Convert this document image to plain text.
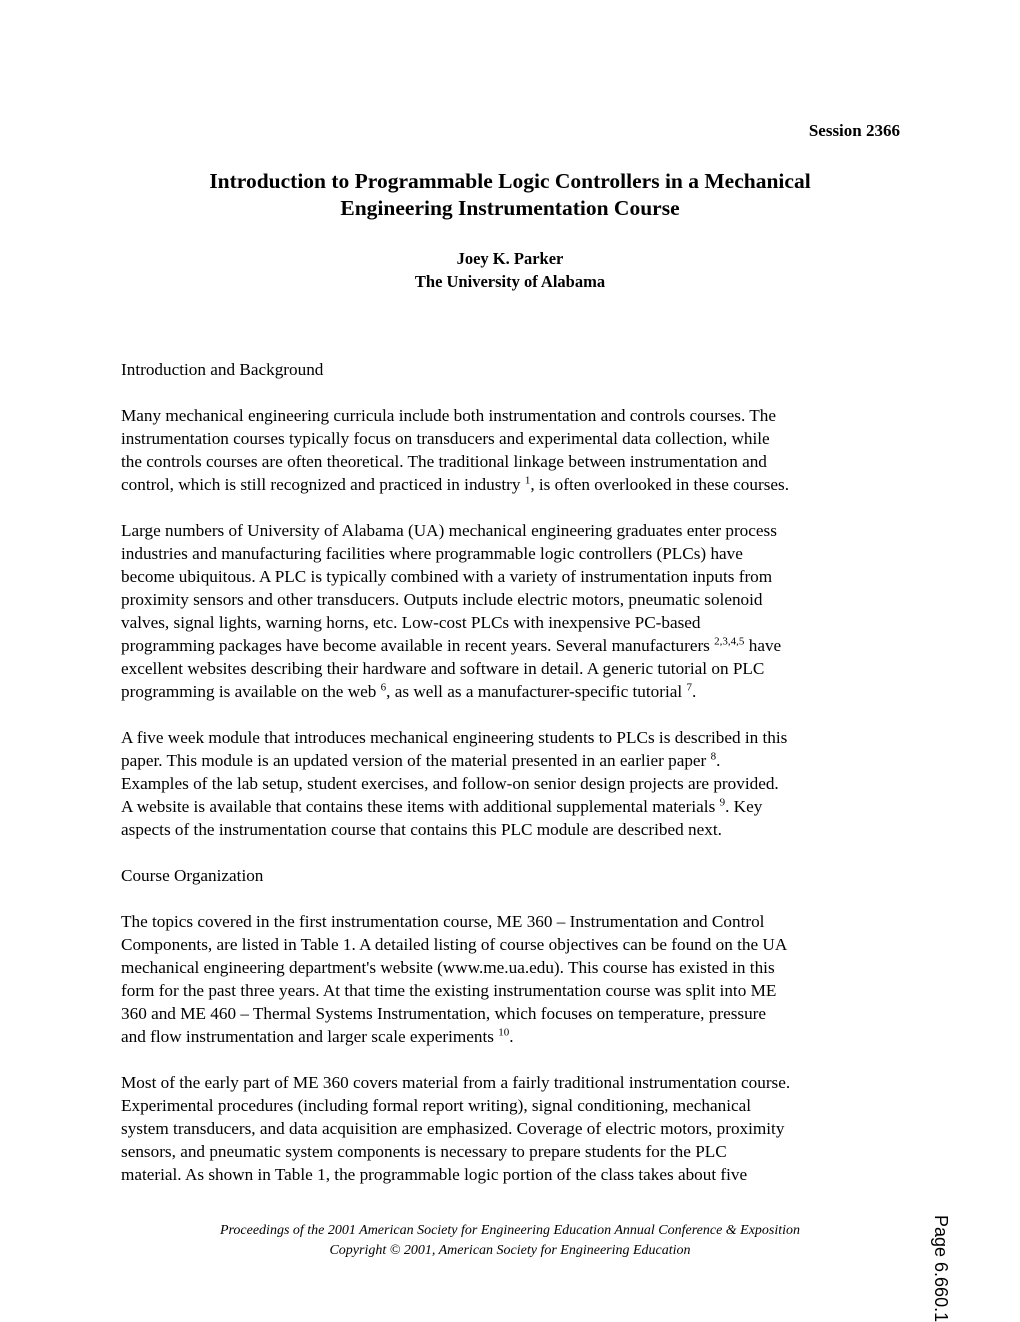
Session 2366
Introduction to Programmable Logic Controllers in a Mechanical
Engineering Instrumentation Course
Joey K. Parker
The University of Alabama
Introduction and Background
Many mechanical engineering curricula include both instrumentation and controls courses. The
instrumentation courses typically focus on transducers and experimental data collection, while
the controls courses are often theoretical. The traditional linkage between instrumentation and
control, which is still recognized and practiced in industry $^1$, is often overlooked in these courses.
Large numbers of University of Alabama (UA) mechanical engineering graduates enter process
industries and manufacturing facilities where programmable logic controllers (PLCs) have
become ubiquitous. A PLC is typically combined with a variety of instrumentation inputs from
proximity sensors and other transducers. Outputs include electric motors, pneumatic solenoid
valves, signal lights, warning horns, etc. Low-cost PLCs with inexpensive PC-based
programming packages have become available in recent years. Several manufacturers $^{2,3,4,5}$ have
excellent websites describing their hardware and software in detail. A generic tutorial on PLC
programming is available on the web $^6$, as well as a manufacturer-specific tutorial $^7$.
A five week module that introduces mechanical engineering students to PLCs is described in this
paper. This module is an updated version of the material presented in an earlier paper $^8$.
Examples of the lab setup, student exercises, and follow-on senior design projects are provided.
A website is available that contains these items with additional supplemental materials $^9$. Key
aspects of the instrumentation course that contains this PLC module are described next.
Course Organization
The topics covered in the first instrumentation course, ME 360 – Instrumentation and Control
Components, are listed in Table 1. A detailed listing of course objectives can be found on the UA
mechanical engineering department's website (www.me.ua.edu). This course has existed in this
form for the past three years. At that time the existing instrumentation course was split into ME
360 and ME 460 – Thermal Systems Instrumentation, which focuses on temperature, pressure
and flow instrumentation and larger scale experiments $^{10}$.
Most of the early part of ME 360 covers material from a fairly traditional instrumentation course.
Experimental procedures (including formal report writing), signal conditioning, mechanical
system transducers, and data acquisition are emphasized. Coverage of electric motors, proximity
sensors, and pneumatic system components is necessary to prepare students for the PLC
material. As shown in Table 1, the programmable logic portion of the class takes about five
Proceedings of the 2001 American Society for Engineering Education Annual Conference & Exposition
Copyright © 2001, American Society for Engineering Education	Page 6.660.1
